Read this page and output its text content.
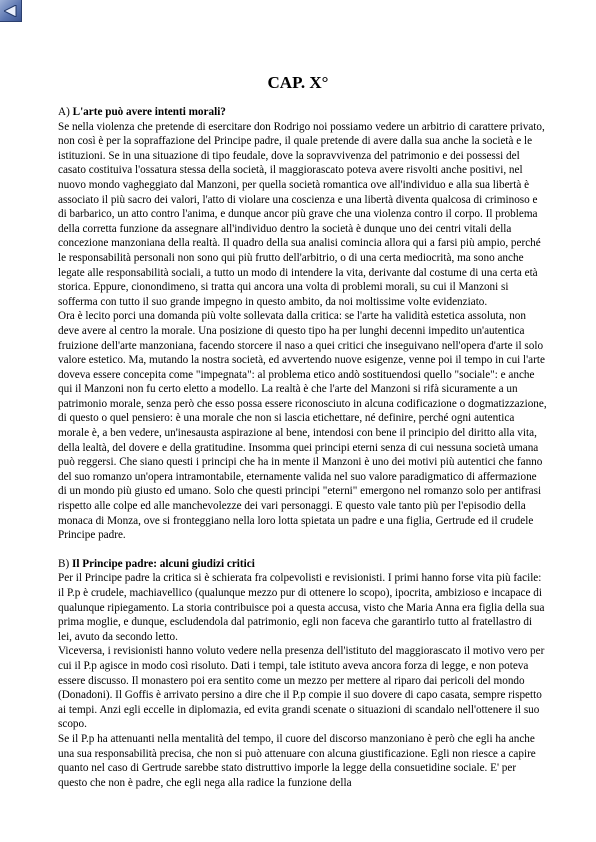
CAP. X°

A) L'arte può avere intenti morali?

Se nella violenza che pretende di esercitare don Rodrigo noi possiamo vedere un arbitrio di carattere privato, non così è per la sopraffazione del Principe padre, il quale pretende di avere dalla sua anche la società e le istituzioni. Se in una situazione di tipo feudale, dove la sopravvivenza del patrimonio e dei possessi del casato costituiva l'ossatura stessa della società, il maggiorascato poteva avere risvolti anche positivi, nel nuovo mondo vagheggiato dal Manzoni, per quella società romantica ove all'individuo e alla sua libertà è associato il più sacro dei valori, l'atto di violare una coscienza e una libertà diventa qualcosa di criminoso e di barbarico, un atto contro l'anima, e dunque ancor più grave che una violenza contro il corpo. Il problema della corretta funzione da assegnare all'individuo dentro la società è dunque uno dei centri vitali della concezione manzoniana della realtà. Il quadro della sua analisi comincia allora qui a farsi più ampio, perché le responsabilità personali non sono qui più frutto dell'arbitrio, o di una certa mediocrità, ma sono anche legate alle responsabilità sociali, a tutto un modo di intendere la vita, derivante dal costume di una certa età storica. Eppure, cionondimeno, si tratta qui ancora una volta di problemi morali, su cui il Manzoni si sofferma con tutto il suo grande impegno in questo ambito, da noi moltissime volte evidenziato.

Ora è lecito porci una domanda più volte sollevata dalla critica: se l'arte ha validità estetica assoluta, non deve avere al centro la morale. Una posizione di questo tipo ha per lunghi decenni impedito un'autentica fruizione dell'arte manzoniana, facendo storcere il naso a quei critici che inseguivano nell'opera d'arte il solo valore estetico. Ma, mutando la nostra società, ed avvertendo nuove esigenze, venne poi il tempo in cui l'arte doveva essere concepita come "impegnata": al problema etico andò sostituendosi quello "sociale": e anche qui il Manzoni non fu certo eletto a modello. La realtà è che l'arte del Manzoni si rifà sicuramente a un patrimonio morale, senza però che esso possa essere riconosciuto in alcuna codificazione o dogmatizzazione, di questo o quel pensiero: è una morale che non si lascia etichettare, né definire, perché ogni autentica morale è, a ben vedere, un'inesausta aspirazione al bene, intendosi con bene il principio del diritto alla vita, della lealtà, del dovere e della gratitudine. Insomma quei principi eterni senza di cui nessuna società umana può reggersi. Che siano questi i principi che ha in mente il Manzoni è uno dei motivi più autentici che fanno del suo romanzo un'opera intramontabile, eternamente valida nel suo valore paradigmatico di affermazione di un mondo più giusto ed umano. Solo che questi principi "eterni" emergono nel romanzo solo per antifrasi rispetto alle colpe ed alle manchevolezze dei vari personaggi. E questo vale tanto più per l'episodio della monaca di Monza, ove si fronteggiano nella loro lotta spietata un padre e una figlia, Gertrude ed il crudele Principe padre.

B) Il Principe padre: alcuni giudizi critici

Per il Principe padre la critica si è schierata fra colpevolisti e revisionisti. I primi hanno forse vita più facile: il P.p è crudele, machiavellico (qualunque mezzo pur di ottenere lo scopo), ipocrita, ambizioso e incapace di qualunque ripiegamento. La storia contribuisce poi a questa accusa, visto che Maria Anna era figlia della sua prima moglie, e dunque, escludendola dal patrimonio, egli non faceva che garantirlo tutto al fratellastro di lei, avuto da secondo letto.

Viceversa, i revisionisti hanno voluto vedere nella presenza dell'istituto del maggiorascato il motivo vero per cui il P.p agisce in modo così risoluto. Dati i tempi, tale istituto aveva ancora forza di legge, e non poteva essere discusso. Il monastero poi era sentito come un mezzo per mettere al riparo dai pericoli del mondo (Donadoni). Il Goffis è arrivato persino a dire che il P.p compie il suo dovere di capo casata, sempre rispetto ai tempi. Anzi egli eccelle in diplomazia, ed evita grandi scenate o situazioni di scandalo nell'ottenere il suo scopo.

Se il P.p ha attenuanti nella mentalità del tempo, il cuore del discorso manzoniano è però che egli ha anche una sua responsabilità precisa, che non si può attenuare con alcuna giustificazione. Egli non riesce a capire quanto nel caso di Gertrude sarebbe stato distruttivo imporle la legge della consuetidine sociale. E' per questo che non è padre, che egli nega alla radice la funzione della
